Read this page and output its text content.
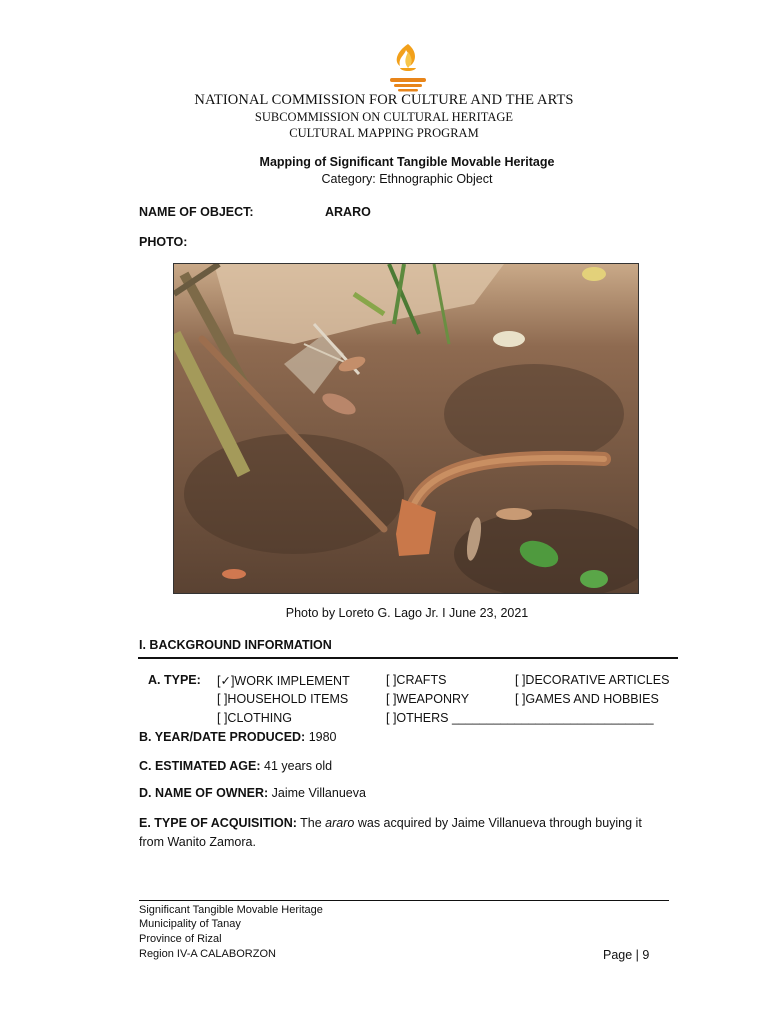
NATIONAL COMMISSION FOR CULTURE AND THE ARTS
SUBCOMMISSION ON CULTURAL HERITAGE
CULTURAL MAPPING PROGRAM
Mapping of Significant Tangible Movable Heritage
Category: Ethnographic Object
NAME OF OBJECT:	ARARO
PHOTO:
Photo by Loreto G. Lago Jr. I June 23, 2021
I. BACKGROUND INFORMATION
A. TYPE: [✓]WORK IMPLEMENT	[ ]CRAFTS	[ ]DECORATIVE ARTICLES
[ ]HOUSEHOLD ITEMS	[ ]WEAPONRY	[ ]GAMES AND HOBBIES
[ ]CLOTHING	[ ]OTHERS _____________________________
B. YEAR/DATE PRODUCED: 1980
C. ESTIMATED AGE: 41 years old
D. NAME OF OWNER: Jaime Villanueva
E. TYPE OF ACQUISITION: The araro was acquired by Jaime Villanueva through buying it from Wanito Zamora.
Significant Tangible Movable Heritage
Municipality of Tanay
Province of Rizal
Region IV-A CALABORZON	Page | 9
